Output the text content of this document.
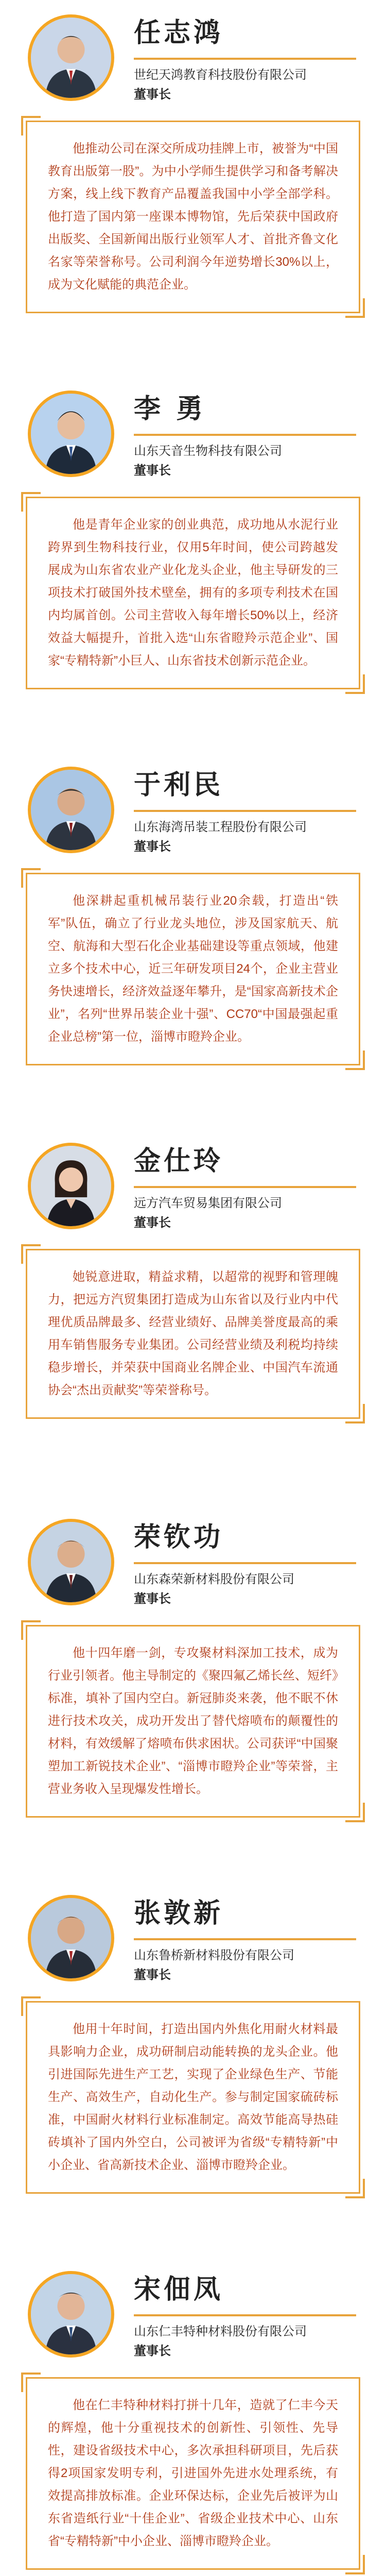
任志鸿
世纪天鸿教育科技股份有限公司
董事长

他推动公司在深交所成功挂牌上市，被誉为“中国教育出版第一股”。为中小学师生提供学习和备考解决方案，线上线下教育产品覆盖我国中小学全部学科。他打造了国内第一座课本博物馆，先后荣获中国政府出版奖、全国新闻出版行业领军人才、首批齐鲁文化名家等荣誉称号。公司利润今年逆势增长30%以上，成为文化赋能的典范企业。

李 勇
山东天音生物科技有限公司
董事长

他是青年企业家的创业典范，成功地从水泥行业跨界到生物科技行业，仅用5年时间，使公司跨越发展成为山东省农业产业化龙头企业，他主导研发的三项技术打破国外技术壁垒，拥有的多项专利技术在国内均属首创。公司主营收入每年增长50%以上，经济效益大幅提升，首批入选“山东省瞪羚示范企业”、国家“专精特新”小巨人、山东省技术创新示范企业。

于利民
山东海湾吊装工程股份有限公司
董事长

他深耕起重机械吊装行业20余载，打造出“铁军”队伍，确立了行业龙头地位，涉及国家航天、航空、航海和大型石化企业基础建设等重点领域，他建立多个技术中心，近三年研发项目24个，企业主营业务快速增长，经济效益逐年攀升，是“国家高新技术企业”，名列“世界吊装企业十强”、CC70“中国最强起重企业总榜”第一位，淄博市瞪羚企业。

金仕玲
远方汽车贸易集团有限公司
董事长

她锐意进取，精益求精，以超常的视野和管理魄力，把远方汽贸集团打造成为山东省以及行业内中代理优质品牌最多、经营业绩好、品牌美誉度最高的乘用车销售服务专业集团。公司经营业绩及利税均持续稳步增长，并荣获中国商业名牌企业、中国汽车流通协会“杰出贡献奖”等荣誉称号。

荣钦功
山东森荣新材料股份有限公司
董事长

他十四年磨一剑，专攻聚材料深加工技术，成为行业引领者。他主导制定的《聚四氟乙烯长丝、短纤》标准，填补了国内空白。新冠肺炎来袭，他不眠不休进行技术攻关，成功开发出了替代熔喷布的颠覆性的材料，有效缓解了熔喷布供求困状。公司获评“中国聚塑加工新锐技术企业”、“淄博市瞪羚企业”等荣誉，主营业务收入呈现爆发性增长。

张敦新
山东鲁桥新材料股份有限公司
董事长

他用十年时间，打造出国内外焦化用耐火材料最具影响力企业，成功研制启动能转换的龙头企业。他引进国际先进生产工艺，实现了企业绿色生产、节能生产、高效生产，自动化生产。参与制定国家硫砖标准，中国耐火材料行业标准制定。高效节能高导热硅砖填补了国内外空白，公司被评为省级“专精特新”中小企业、省高新技术企业、淄博市瞪羚企业。

宋佃凤
山东仁丰特种材料股份有限公司
董事长

他在仁丰特种材料打拼十几年，造就了仁丰今天的辉煌，他十分重视技术的创新性、引领性、先导性，建设省级技术中心，多次承担科研项目，先后获得2项国家发明专利，引进国外先进水处理系统，有效提高排放标准。企业环保达标，企业先后被评为山东省造纸行业“十佳企业”、省级企业技术中心、山东省“专精特新”中小企业、淄博市瞪羚企业。
